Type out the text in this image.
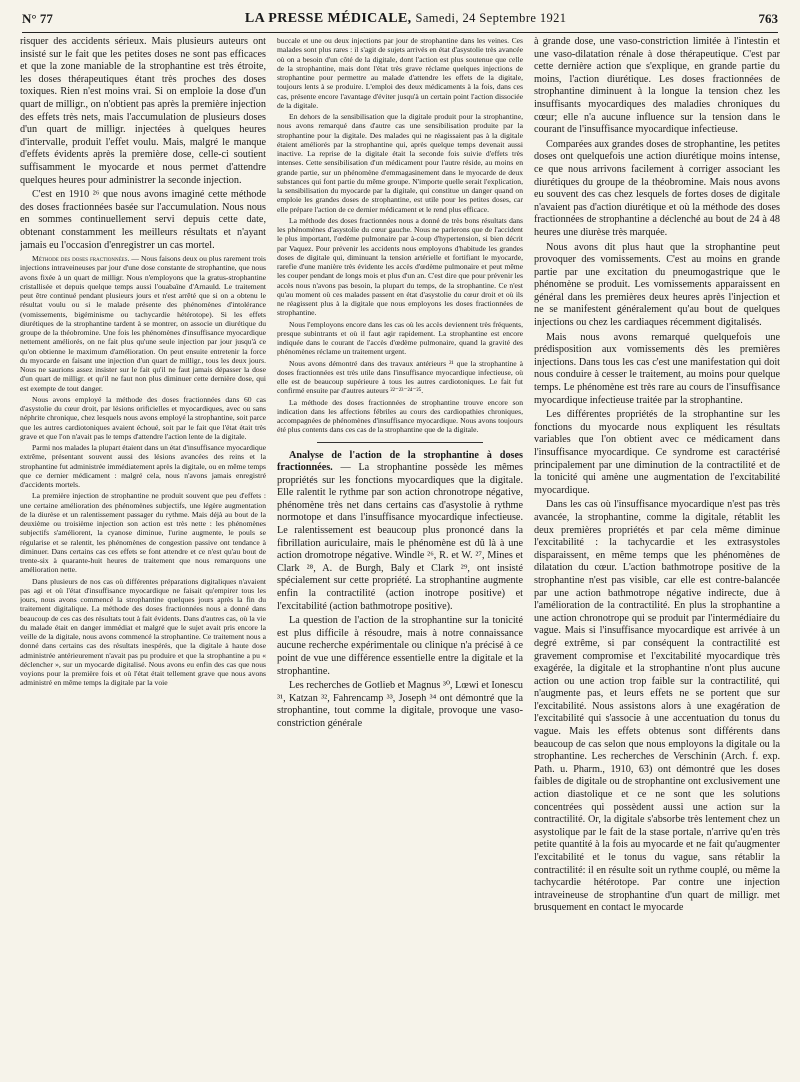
N° 77	LA PRESSE MÉDICALE, Samedi, 24 Septembre 1921	763

risquer des accidents sérieux. Mais plusieurs auteurs ont insisté sur le fait que les petites doses ne sont pas efficaces et que la zone maniable de la strophantine est très étroite, les doses thérapeutiques étant très proches des doses toxiques. Rien n'est moins vrai. Si on emploie la dose d'un quart de milligr., on n'obtient pas après la première injection des effets très nets, mais l'accumulation de plusieurs doses d'un quart de milligr. injectées à quelques heures d'intervalle, produit l'effet voulu. Mais, malgré le manque d'effets évidents après la première dose, celle-ci soutient suffisamment le myocarde et nous permet d'attendre quelques heures pour administrer la seconde injection.

C'est en 1910 ²⁶ que nous avons imaginé cette méthode des doses fractionnées basée sur l'accumulation. Nous nous en sommes continuellement servi depuis cette date, obtenant constamment les meilleurs résultats et n'ayant jamais eu l'occasion d'enregistrer un cas mortel.

Méthode des doses fractionnées. — Nous faisons deux ou plus rarement trois injections intraveineuses par jour d'une dose constante de strophantine, que nous avons fixée à un quart de milligr. Nous n'employons que la gratus-strophantine cristallisée et depuis quelque temps aussi l'ouabaïne d'Arnauld. Le traitement peut être continué pendant plusieurs jours et n'est arrêté que si on a obtenu le résultat voulu ou si le malade présente des phénomènes d'intolérance (vomissements, bigéminisme ou tachycardie hétérotope). Si les effets diurétiques de la strophantine tardent à se montrer, on associe un diurétique du groupe de la théobromine. Une fois les phénomènes d'insuffisance myocardique nettement améliorés, on ne fait plus qu'une seule injection par jour jusqu'à ce qu'on obtienne le maximum d'amélioration. On peut ensuite entretenir la force du myocarde en faisant une injection d'un quart de milligr., tous les deux jours. Nous ne saurions assez insister sur le fait qu'il ne faut jamais dépasser la dose d'un quart de milligr. et qu'il ne faut non plus diminuer cette dernière dose, qui est exempte de tout danger.

Nous avons employé la méthode des doses fractionnées dans 60 cas d'asystolie du cœur droit, par lésions orificielles et myocardiques, avec ou sans néphrite chronique, chez lesquels nous avons employé la strophantine, soit parce que les autres cardiotoniques avaient échoué, soit par le fait que l'état était très grave et que l'on n'avait pas le temps d'attendre l'action lente de la digitale.

Parmi nos malades la plupart étaient dans un état d'insuffisance myocardique extrême, présentant souvent aussi des lésions avancées des reins et la strophantine fut administrée immédiatement après la digitale, ou en même temps que ce dernier médicament : malgré cela, nous n'avons jamais enregistré d'accidents mortels.

La première injection de strophantine ne produit souvent que peu d'effets : une certaine amélioration des phénomènes subjectifs, une légère augmentation de la diurèse et un ralentissement passager du rythme. Mais déjà au bout de la deuxième ou troisième injection son action est très nette : les phénomènes subjectifs s'améliorent, la cyanose diminue, l'urine augmente, le pouls se régularise et se ralentit, les phénomènes de congestion passive ont tendance à diminuer. Dans certains cas ces effets se font attendre et ce n'est qu'au bout de trente-six à quarante-huit heures de traitement que nous remarquons une amélioration nette.

Dans plusieurs de nos cas où différentes préparations digitaliques n'avaient pas agi et où l'état d'insuffisance myocardique ne faisait qu'empirer tous les jours, nous avons commencé la strophantine quelques jours après la fin du traitement digitalique. La méthode des doses fractionnées nous a donné dans beaucoup de ces cas des résultats tout à fait évidents. Dans d'autres cas, où la vie du malade était en danger immédiat et malgré que le sujet avait pris encore la veille de la digitale, nous avons commencé la strophantine. Ce traitement nous a donné dans certains cas des résultats inespérés, que la digitale à haute dose administrée antérieurement n'avait pas pu produire et que la strophantine a pu « déclencher », sur un myocarde digitalisé. Nous avons eu enfin des cas que nous voyions pour la première fois et où l'état était tellement grave que nous avons administré en même temps la digitale par la voie

buccale et une ou deux injections par jour de strophantine dans les veines. Ces malades sont plus rares : il s'agit de sujets arrivés en état d'asystolie très avancée où on a besoin d'un côté de la digitale, dont l'action est plus soutenue que celle de la strophantine, mais dont l'état très grave réclame quelques injections de strophantine pour permettre au malade d'attendre les effets de la digitale, toujours lents à se produire. L'emploi des deux médicaments à la fois, dans ces cas, présente encore l'avantage d'éviter jusqu'à un certain point l'action dissociée de la digitale.

En dehors de la sensibilisation que la digitale produit pour la strophantine, nous avons remarqué dans d'autre cas une sensibilisation produite par la strophantine pour la digitale. Des malades qui ne réagissaient pas à la digitale étaient améliorés par la strophantine qui, après quelque temps devenait aussi inactive. La reprise de la digitale était la seconde fois suivie d'effets très intenses. Cette sensibilisation d'un médicament pour l'autre réside, au moins en grande partie, sur un phénomène d'emmagasinement dans le myocarde de deux substances qui font partie du même groupe. N'importe quelle serait l'explication, la sensibilisation du myocarde par la digitale, qui constitue un danger quand on emploie les grandes doses de strophantine, est utile pour les petites doses, car elle prépare l'action de ce dernier médicament et le rend plus efficace.

La méthode des doses fractionnées nous a donné de très bons résultats dans les phénomènes d'asystolie du cœur gauche. Nous ne parlerons que de l'accident le plus important, l'œdème pulmonaire par à-coup d'hypertension, si bien décrit par Vaquez. Pour prévenir les accidents nous employons d'habitude les grandes doses de digitale qui, diminuant la tension artérielle et fortifiant le myocarde, rarefie d'une manière très évidente les accès d'œdème pulmonaire et peut même les couper pendant de longs mois et plus d'un an. C'est dire que pour prévenir les accès nous n'avons pas besoin, la plupart du temps, de la strophantine. Ce n'est qu'au moment où ces malades passent en état d'asystolie du cœur droit et où ils ne réagissent plus à la digitale que nous employons les doses fractionnées de strophantine.

Nous l'employons encore dans les cas où les accès deviennent très fréquents, presque subintrants et où il faut agir rapidement. La strophantine est encore indiquée dans le courant de l'accès d'œdème pulmonaire, quand la gravité des phénomènes réclame un traitement urgent.

Nous avons démontré dans des travaux antérieurs ²¹ que la strophantine à doses fractionnées est très utile dans l'insuffisance myocardique infectieuse, où elle est de beaucoup supérieure à tous les autres cardiotoniques. Le fait fut confirmé ensuite par d'autres auteurs ²²⁻²³⁻²⁴⁻²⁵.

La méthode des doses fractionnées de strophantine trouve encore son indication dans les affections fébriles au cours des cardiopathies chroniques, accompagnées de phénomènes d'insuffisance myocardique. Nous avons toujours été plus contents dans ces cas de la strophantine que de la digitale.

Analyse de l'action de la strophantine à doses fractionnées. — La strophantine possède les mêmes propriétés sur les fonctions myocardiques que la digitale. Elle ralentit le rythme par son action chronotrope négative, phénomène très net dans certains cas d'asystolie à rythme normotope et dans l'insuffisance myocardique infectieuse. Le ralentissement est beaucoup plus prononcé dans la fibrillation auriculaire, mais le phénomène est dû là à une action dromotrope négative. Windle ²⁶, R. et W. ²⁷, Mines et Clark ²⁸, A. de Burgh, Baly et Clark ²⁹, ont insisté spécialement sur cette propriété. La strophantine augmente enfin la contractilité (action inotrope positive) et l'excitabilité (action bathmotrope positive).

La question de l'action de la strophantine sur la tonicité est plus difficile à résoudre, mais à notre connaissance aucune recherche expérimentale ou clinique n'a précisé à ce point de vue une différence essentielle entre la digitale et la strophantine.

Les recherches de Gotlieb et Magnus ³⁰, Lœwi et Ionescu ³¹, Katzan ³², Fahrencamp ³³, Joseph ³⁴ ont démontré que la strophantine, tout comme la digitale, provoque une vaso-constriction générale

à grande dose, une vaso-constriction limitée à l'intestin et une vaso-dilatation rénale à dose thérapeutique. C'est par cette dernière action que s'explique, en grande partie du moins, l'action diurétique. Les doses fractionnées de strophantine diminuent à la longue la tension chez les insuffisants myocardiques des maladies chroniques du cœur; elle n'a aucune influence sur la tension dans le courant de l'insuffisance myocardique infectieuse.

Comparées aux grandes doses de strophantine, les petites doses ont quelquefois une action diurétique moins intense, ce que nous arrivons facilement à corriger associant les diurétiques du groupe de la théobromine. Mais nous avons eu souvent des cas chez lesquels de fortes doses de digitale n'avaient pas d'action diurétique et où la méthode des doses fractionnées de strophantine a déclenché au bout de 24 à 48 heures une diurèse très marquée.

Nous avons dit plus haut que la strophantine peut provoquer des vomissements. C'est au moins en grande partie par une excitation du pneumogastrique que le phénomène se produit. Les vomissements apparaissent en général dans les premières deux heures après l'injection et ne se manifestent généralement qu'au bout de quelques injections ou chez les cardiaques récemment digitalisés.

Mais nous avons remarqué quelquefois une prédisposition aux vomissements dès les premières injections. Dans tous les cas c'est une manifestation qui doit nous conduire à cesser le traitement, au moins pour quelque temps. Le phénomène est très rare au cours de l'insuffisance myocardique infectieuse traitée par la strophantine.

Les différentes propriétés de la strophantine sur les fonctions du myocarde nous expliquent les résultats variables que l'on obtient avec ce médicament dans l'insuffisance myocardique. Ce syndrome est caractérisé principalement par une diminution de la contractilité et de la tonicité qui amène une augmentation de l'excitabilité myocardique.

Dans les cas où l'insuffisance myocardique n'est pas très avancée, la strophantine, comme la digitale, rétablit les deux premières propriétés et par cela même diminue l'excitabilité : la tachycardie et les extrasystoles disparaissent, en même temps que les phénomènes de dilatation du cœur. L'action bathmotrope positive de la strophantine n'est pas visible, car elle est contre-balancée par une action bathmotrope négative indirecte, due à l'amélioration de la contractilité. En plus la strophantine a une action chronotrope qui se produit par l'intermédiaire du vague. Mais si l'insuffisance myocardique est arrivée à un degré extrême, si par conséquent la contractilité est gravement compromise et l'excitabilité myocardique très exagérée, la digitale et la strophantine n'ont plus aucune action ou une action trop faible sur la contractilité, qui n'augmente pas, et leurs effets ne se portent que sur l'excitabilité. Nous assistons alors à une exagération de l'excitabilité qui s'associe à une accentuation du tonus du vague. Mais les effets obtenus sont différents dans beaucoup de cas selon que nous employons la digitale ou la strophantine. Les recherches de Verschinin (Arch. f. exp. Path. u. Pharm., 1910, 63) ont démontré que les doses faibles de digitale ou de strophantine ont exclusivement une action diastolique et ce ne sont que les solutions concentrées qui possèdent aussi une action sur la contractilité. Or, la digitale s'absorbe très lentement chez un asystolique par le fait de la stase portale, n'arrive qu'en très petite quantité à la fois au myocarde et ne fait qu'augmenter l'excitabilité et le tonus du vague, sans rétablir la contractilité: il en résulte soit un rythme couplé, ou même la tachycardie hétérotope. Par contre une injection intraveineuse de strophantine d'un quart de milligr. met brusquement en contact le myocarde
